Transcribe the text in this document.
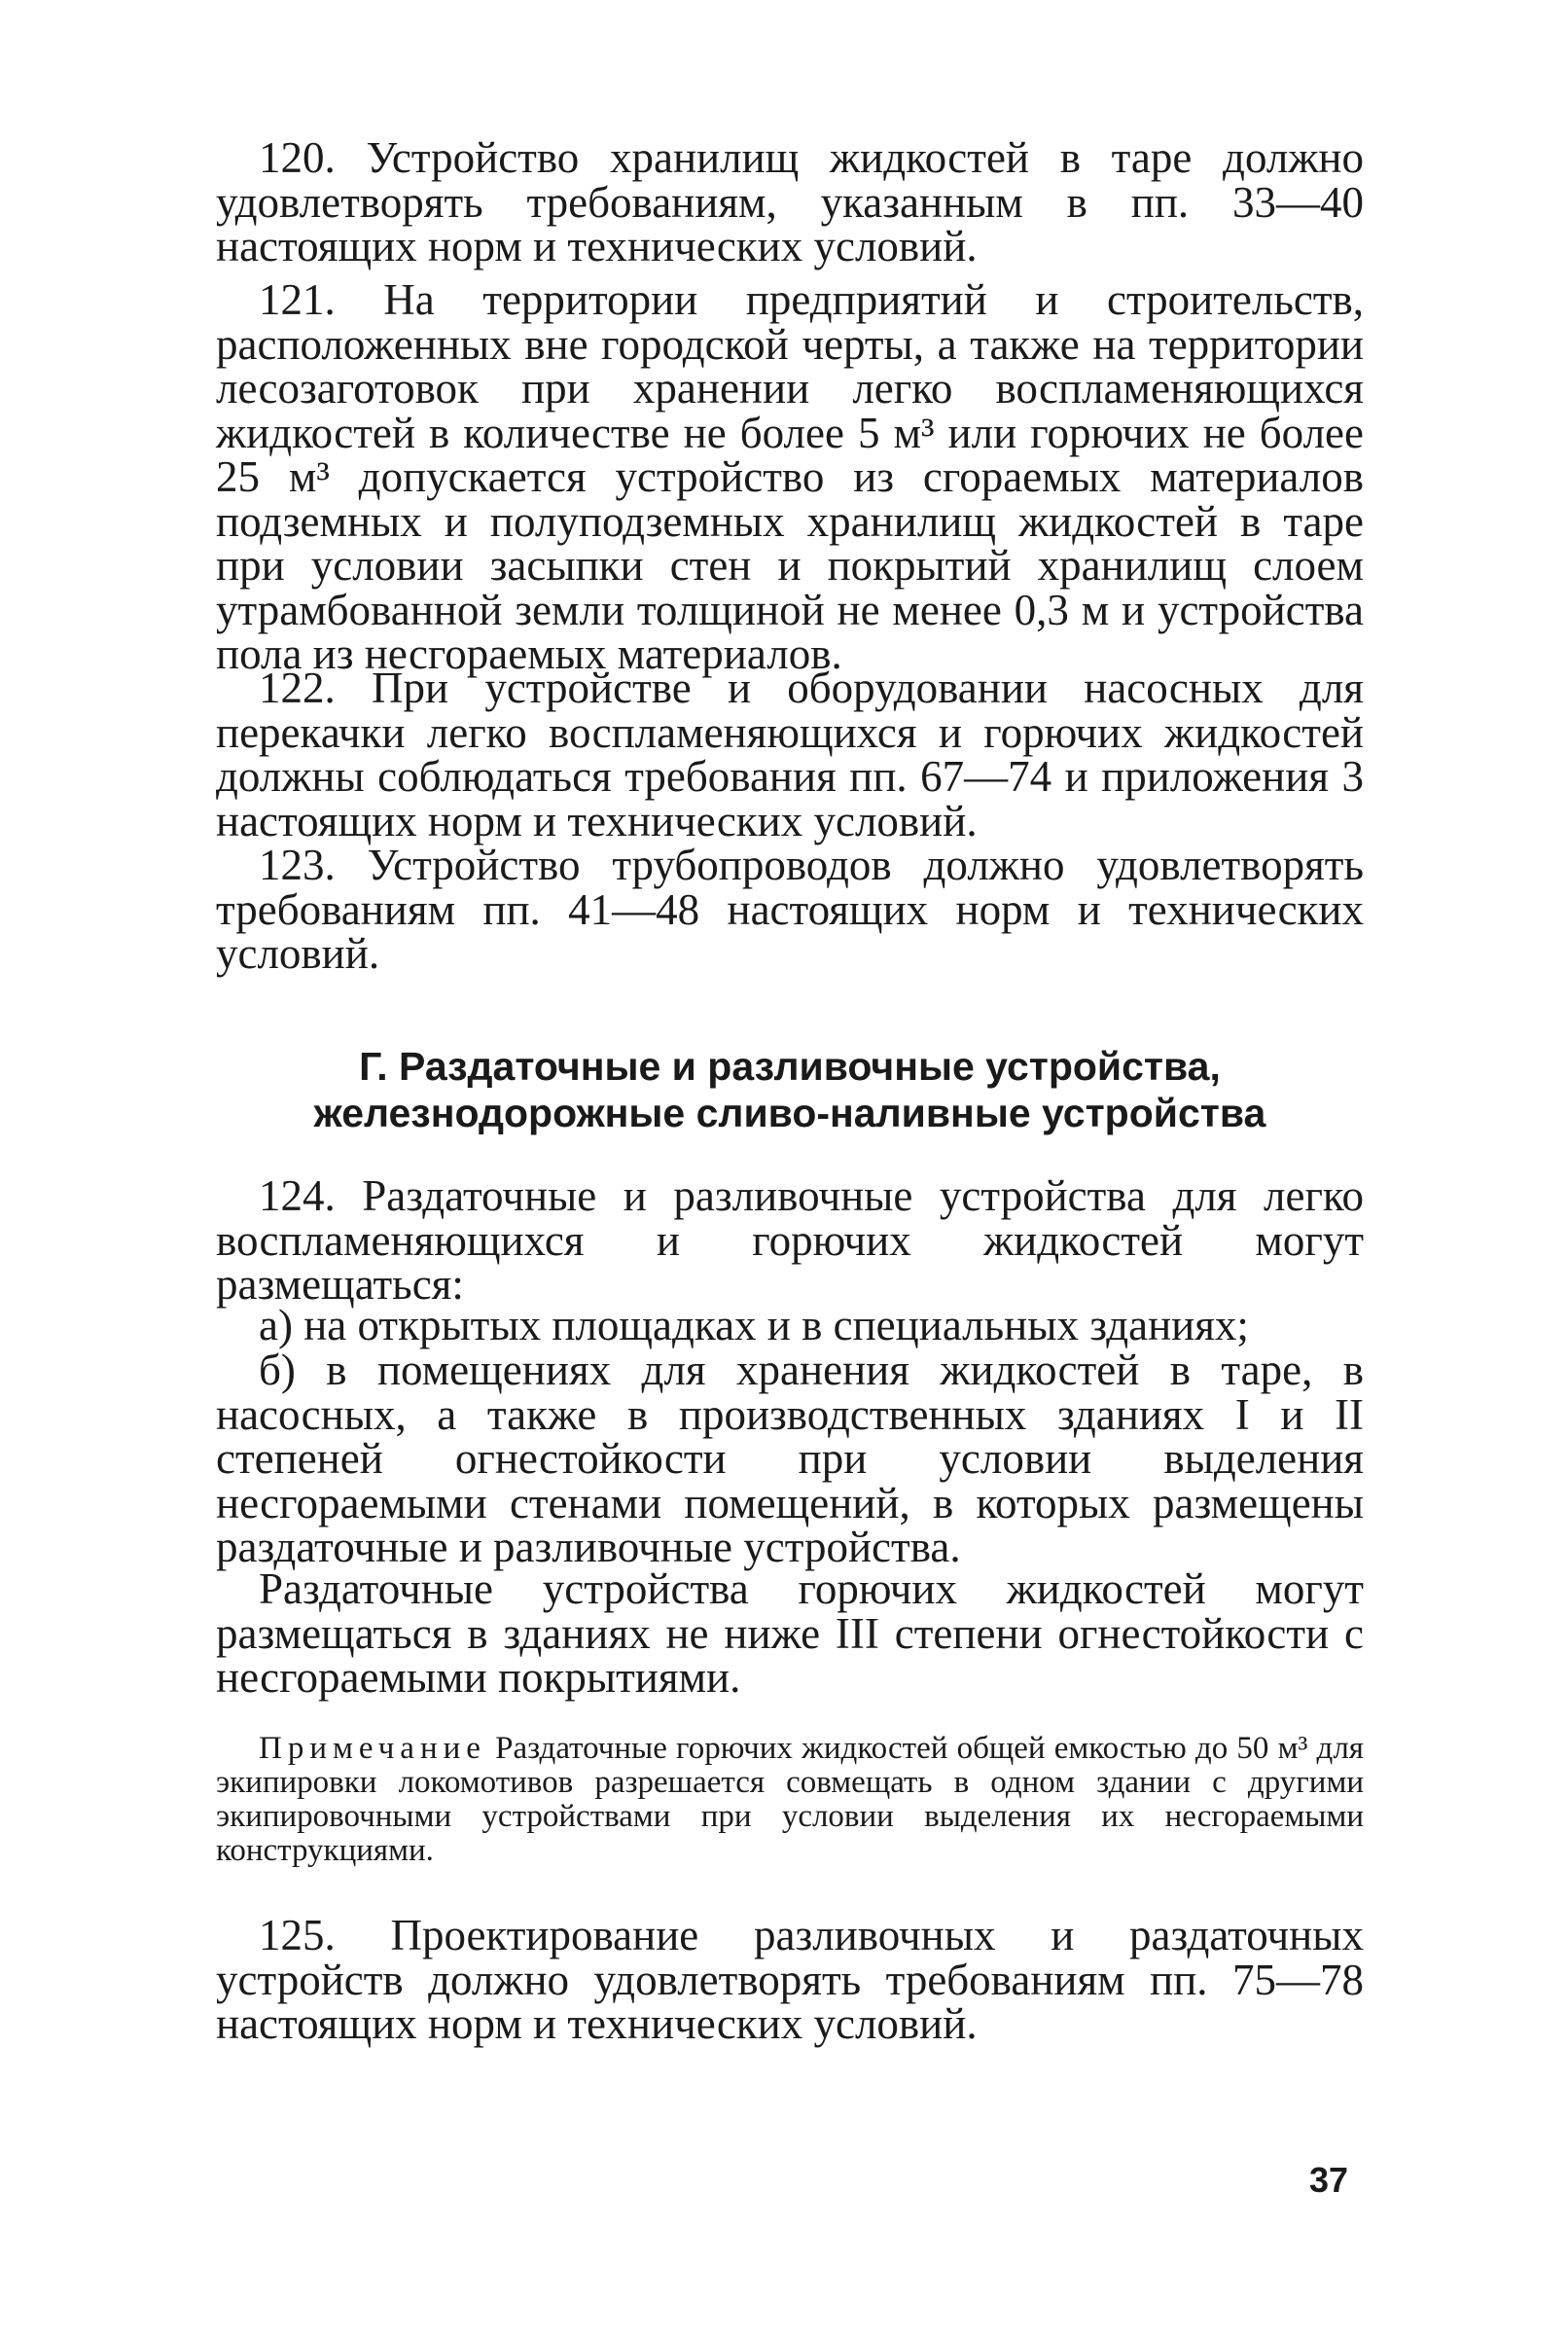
120. Устройство хранилищ жидкостей в таре должно удовлетворять требованиям, указанным в пп. 33—40 настоящих норм и технических условий.

121. На территории предприятий и строительств, расположенных вне городской черты, а также на территории лесозаготовок при хранении легко воспламеняющихся жидкостей в количестве не более 5 м³ или горючих не более 25 м³ допускается устройство из сгораемых материалов подземных и полуподземных хранилищ жидкостей в таре при условии засыпки стен и покрытий хранилищ слоем утрамбованной земли толщиной не менее 0,3 м и устройства пола из несгораемых материалов.

122. При устройстве и оборудовании насосных для перекачки легко воспламеняющихся и горючих жидкостей должны соблюдаться требования пп. 67—74 и приложения 3 настоящих норм и технических условий.

123. Устройство трубопроводов должно удовлетворять требованиям пп. 41—48 настоящих норм и технических условий.

Г. Раздаточные и разливочные устройства,

железнодорожные сливо-наливные устройства

124. Раздаточные и разливочные устройства для легко воспламеняющихся и горючих жидкостей могут размещаться:

а) на открытых площадках и в специальных зданиях;

б) в помещениях для хранения жидкостей в таре, в насосных, а также в производственных зданиях I и II степеней огнестойкости при условии выделения несгораемыми стенами помещений, в которых размещены раздаточные и разливочные устройства.

Раздаточные устройства горючих жидкостей могут размещаться в зданиях не ниже III степени огнестойкости с несгораемыми покрытиями.

Примечание Раздаточные горючих жидкостей общей емкостью до 50 м³ для экипировки локомотивов разрешается совмещать в одном здании с другими экипировочными устройствами при условии выделения их несгораемыми конструкциями.

125. Проектирование разливочных и раздаточных устройств должно удовлетворять требованиям пп. 75—78 настоящих норм и технических условий.

37
